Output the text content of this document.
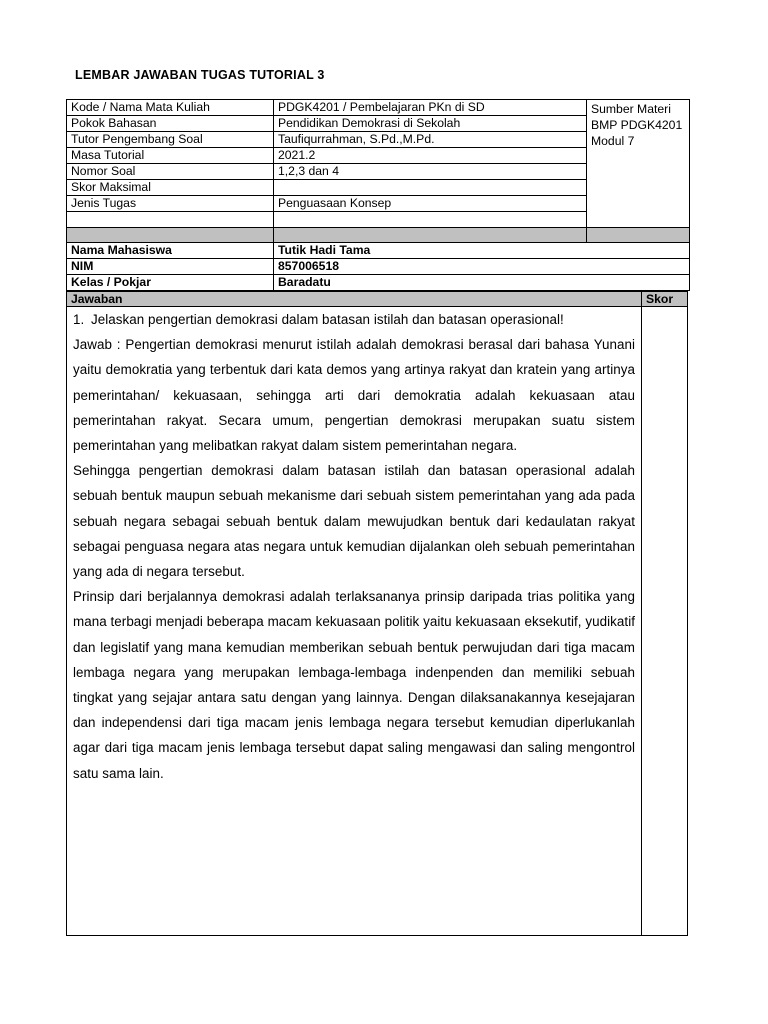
LEMBAR JAWABAN TUGAS TUTORIAL 3
Kode / Nama Mata Kuliah	PDGK4201 / Pembelajaran PKn di SD	Sumber Materi
BMP PDGK4201 Modul 7

Pokok Bahasan	Pendidikan Demokrasi di Sekolah	
Tutor Pengembang Soal	Taufiqurrahman, S.Pd.,M.Pd.	
Masa Tutorial	2021.2	
Nomor Soal	1,2,3 dan 4	
Skor Maksimal		
Jenis Tugas	Penguasaan Konsep	

Nama Mahasiswa	Tutik Hadi Tama	
NIM	857006518	
Kelas / Pokjar	Baradatu	
Jawaban	Skor

1. Jelaskan pengertian demokrasi dalam batasan istilah dan batasan operasional!

Jawab : Pengertian demokrasi menurut istilah adalah demokrasi berasal dari bahasa Yunani yaitu demokratia yang terbentuk dari kata demos yang artinya rakyat dan kratein yang artinya pemerintahan/ kekuasaan, sehingga arti dari demokratia adalah kekuasaan atau pemerintahan rakyat. Secara umum, pengertian demokrasi merupakan suatu sistem pemerintahan yang melibatkan rakyat dalam sistem pemerintahan negara.

Sehingga pengertian demokrasi dalam batasan istilah dan batasan operasional adalah sebuah bentuk maupun sebuah mekanisme dari sebuah sistem pemerintahan yang ada pada sebuah negara sebagai sebuah bentuk dalam mewujudkan bentuk dari kedaulatan rakyat sebagai penguasa negara atas negara untuk kemudian dijalankan oleh sebuah pemerintahan yang ada di negara tersebut.

Prinsip dari berjalannya demokrasi adalah terlaksananya prinsip daripada trias politika yang mana terbagi menjadi beberapa macam kekuasaan politik yaitu kekuasaan eksekutif, yudikatif dan legislatif yang mana kemudian memberikan sebuah bentuk perwujudan dari tiga macam lembaga negara yang merupakan lembaga-lembaga indenpenden dan memiliki sebuah tingkat yang sejajar antara satu dengan yang lainnya. Dengan dilaksanakannya kesejajaran dan independensi dari tiga macam jenis lembaga negara tersebut kemudian diperlukanlah agar dari tiga macam jenis lembaga tersebut dapat saling mengawasi dan saling mengontrol satu sama lain.	
